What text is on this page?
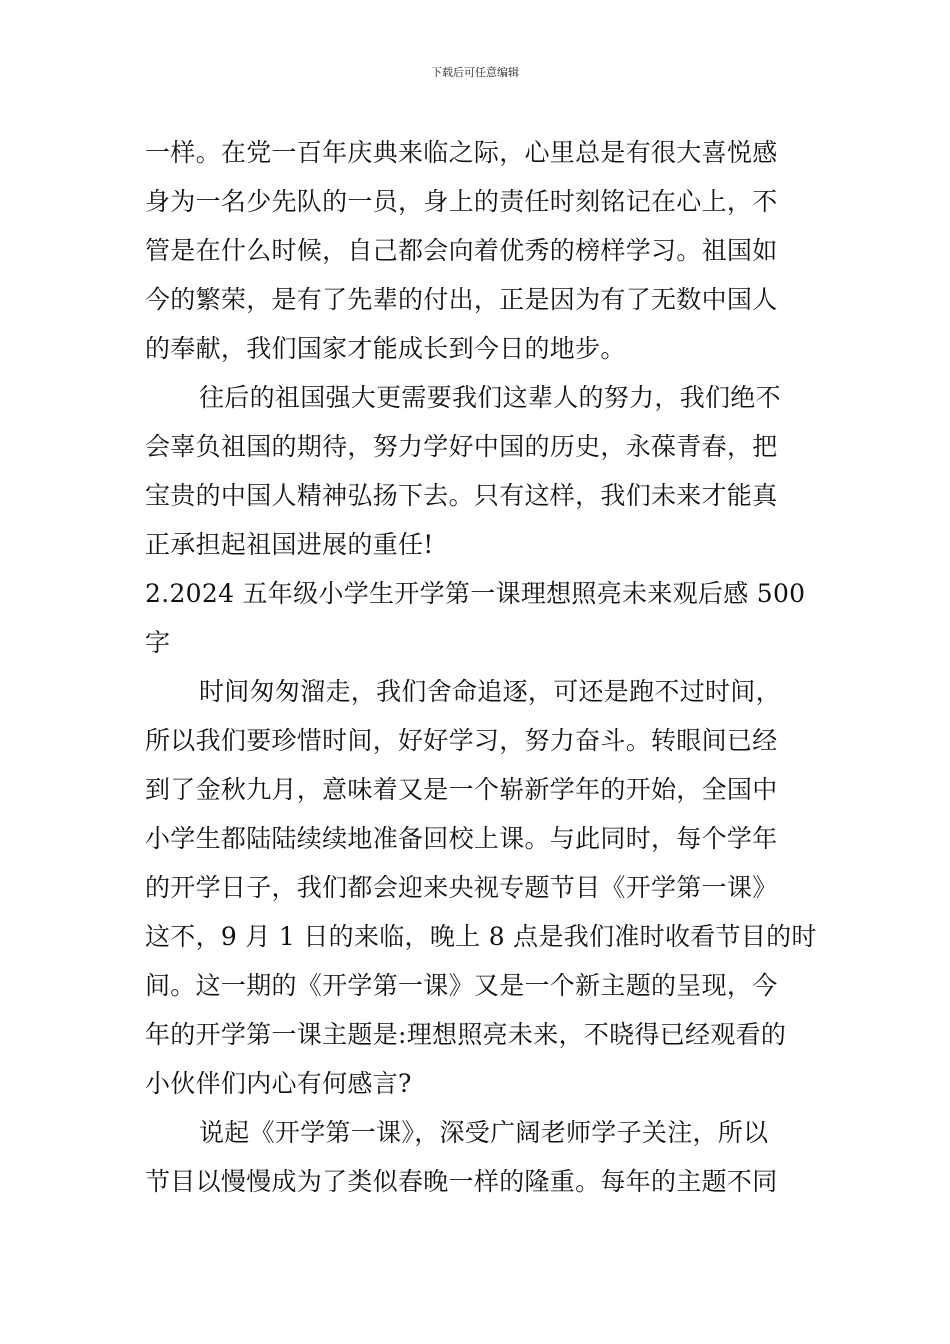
下载后可任意编辑
一样。在党一百年庆典来临之际，心里总是有很大喜悦感
身为一名少先队的一员，身上的责任时刻铭记在心上，不
管是在什么时候，自己都会向着优秀的榜样学习。祖国如
今的繁荣，是有了先辈的付出，正是因为有了无数中国人
的奉献，我们国家才能成长到今日的地步。
往后的祖国强大更需要我们这辈人的努力，我们绝不
会辜负祖国的期待，努力学好中国的历史，永葆青春，把
宝贵的中国人精神弘扬下去。只有这样，我们未来才能真
正承担起祖国进展的重任!
2.2024 五年级小学生开学第一课理想照亮未来观后感 500
字
时间匆匆溜走，我们舍命追逐，可还是跑不过时间，
所以我们要珍惜时间，好好学习，努力奋斗。转眼间已经
到了金秋九月，意味着又是一个崭新学年的开始，全国中
小学生都陆陆续续地准备回校上课。与此同时，每个学年
的开学日子，我们都会迎来央视专题节目《开学第一课》
这不，9 月 1 日的来临，晚上 8 点是我们准时收看节目的时
间。这一期的《开学第一课》又是一个新主题的呈现，今
年的开学第一课主题是:理想照亮未来，不晓得已经观看的
小伙伴们内心有何感言?
说起《开学第一课》，深受广阔老师学子关注，所以
节目以慢慢成为了类似春晚一样的隆重。每年的主题不同
